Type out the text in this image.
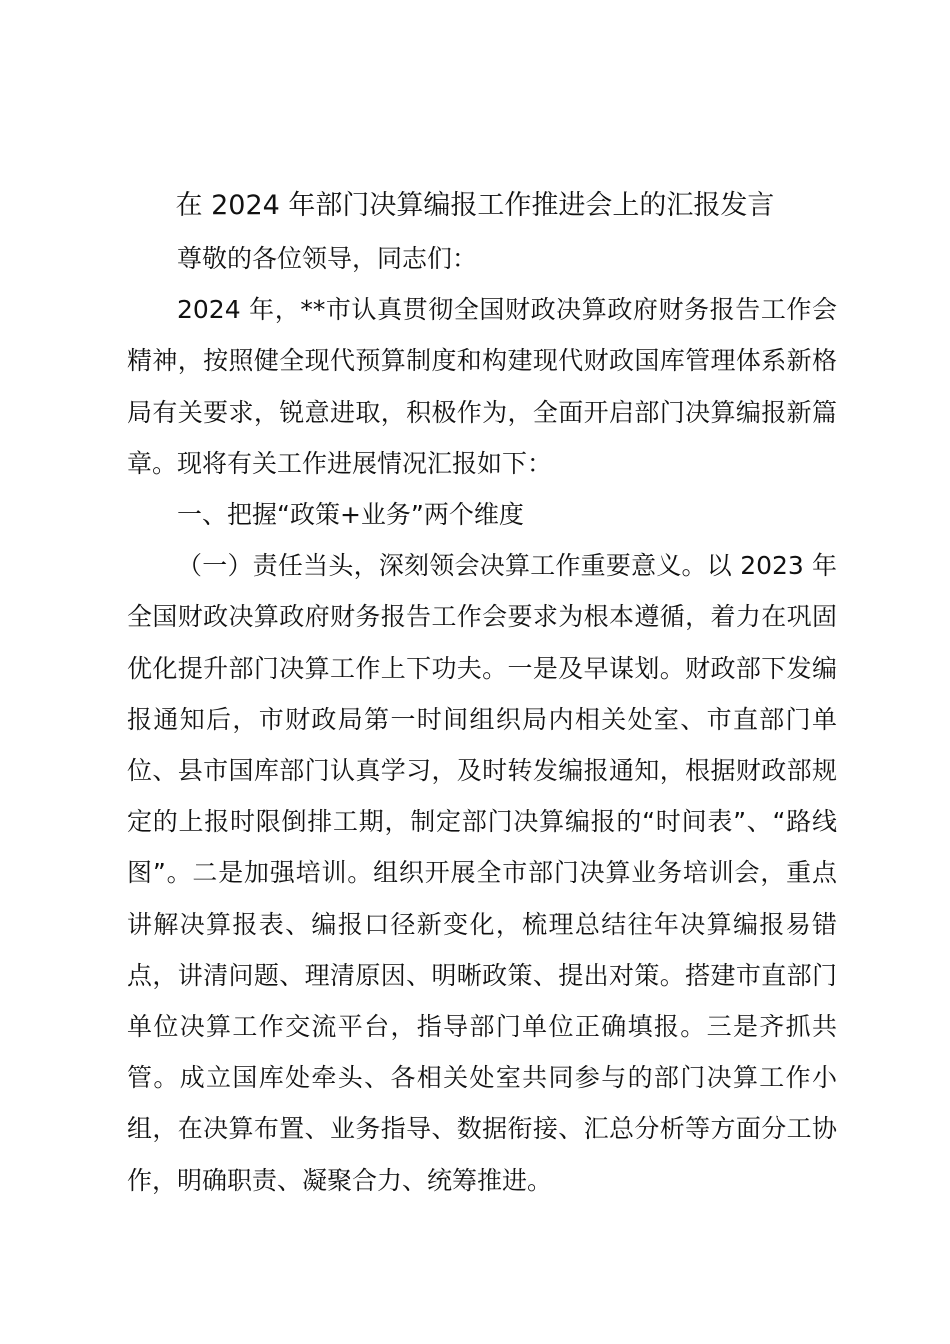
在 2024 年部门决算编报工作推进会上的汇报发言

尊敬的各位领导，同志们：

2024 年，**市认真贯彻全国财政决算政府财务报告工作会精神，按照健全现代预算制度和构建现代财政国库管理体系新格局有关要求，锐意进取，积极作为，全面开启部门决算编报新篇章。现将有关工作进展情况汇报如下：

一、把握“政策+业务”两个维度

（一）责任当头，深刻领会决算工作重要意义。以 2023 年全国财政决算政府财务报告工作会要求为根本遵循，着力在巩固优化提升部门决算工作上下功夫。一是及早谋划。财政部下发编报通知后，市财政局第一时间组织局内相关处室、市直部门单位、县市国库部门认真学习，及时转发编报通知，根据财政部规定的上报时限倒排工期，制定部门决算编报的“时间表”、“路线图”。二是加强培训。组织开展全市部门决算业务培训会，重点讲解决算报表、编报口径新变化，梳理总结往年决算编报易错点，讲清问题、理清原因、明晰政策、提出对策。搭建市直部门单位决算工作交流平台，指导部门单位正确填报。三是齐抓共管。成立国库处牵头、各相关处室共同参与的部门决算工作小组，在决算布置、业务指导、数据衔接、汇总分析等方面分工协作，明确职责、凝聚合力、统筹推进。
